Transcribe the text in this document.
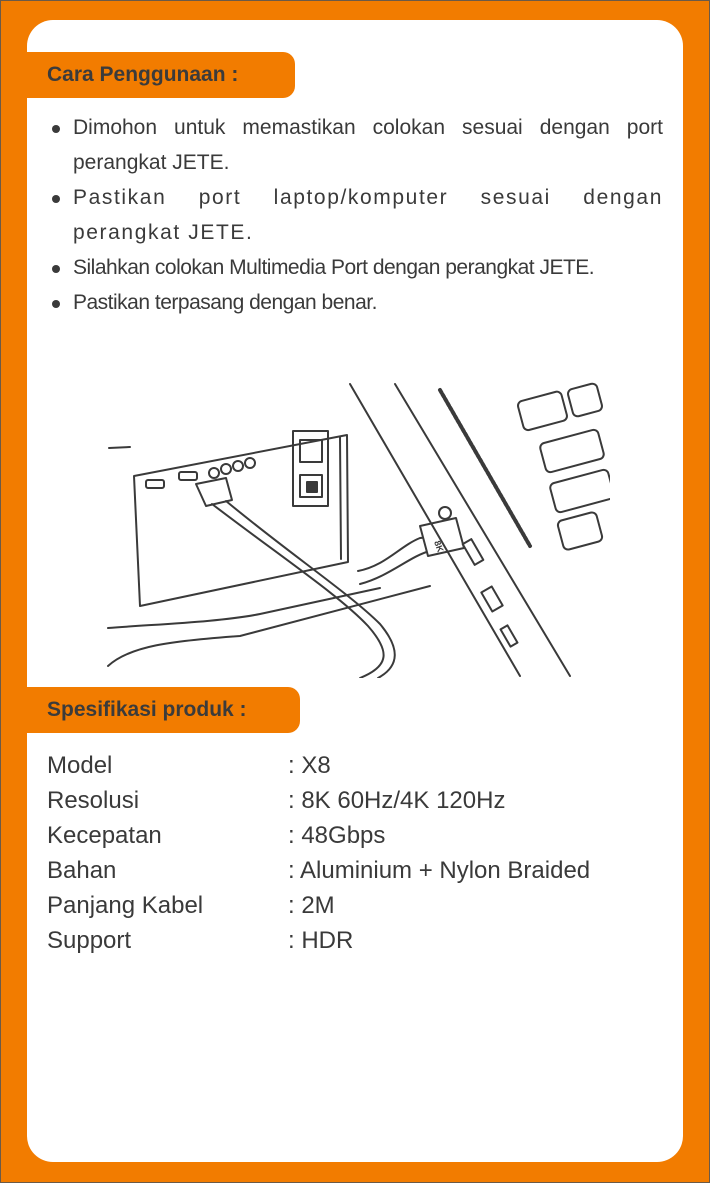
Cara Penggunaan :
Dimohon untuk memastikan colokan sesuai dengan port perangkat JETE.
Pastikan port laptop/komputer sesuai dengan perangkat JETE.
Silahkan colokan Multimedia Port dengan perangkat JETE.
Pastikan terpasang dengan benar.
8K
Spesifikasi produk :
Model	: X8
Resolusi	: 8K 60Hz/4K 120Hz
Kecepatan	: 48Gbps
Bahan	: Aluminium + Nylon Braided
Panjang Kabel	: 2M
Support	: HDR
